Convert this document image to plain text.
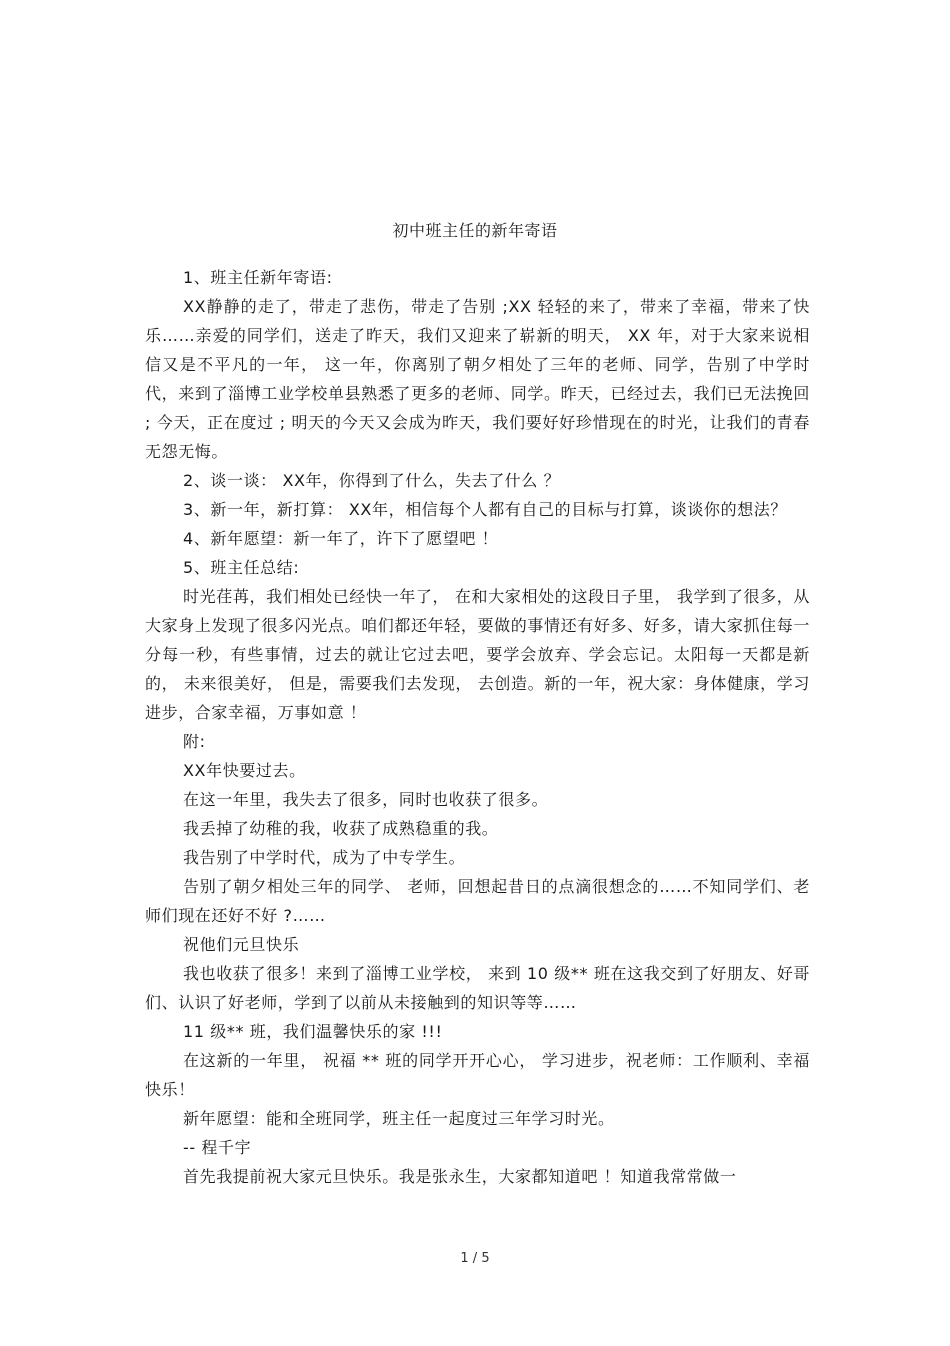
初中班主任的新年寄语

1、班主任新年寄语:

XX静静的走了，带走了悲伤，带走了告别 ;XX 轻轻的来了，带来了幸福，带来了快乐……亲爱的同学们，送走了昨天，我们又迎来了崭新的明天， XX 年，对于大家来说相信又是不平凡的一年， 这一年，你离别了朝夕相处了三年的老师、同学，告别了中学时代，来到了淄博工业学校单县熟悉了更多的老师、同学。昨天，已经过去，我们已无法挽回 ; 今天，正在度过 ; 明天的今天又会成为昨天，我们要好好珍惜现在的时光，让我们的青春无怨无悔。

2、谈一谈： XX年，你得到了什么，失去了什么 ？

3、新一年，新打算： XX年，相信每个人都有自己的目标与打算，谈谈你的想法？

4、新年愿望：新一年了，许下了愿望吧 ！

5、班主任总结:

时光荏苒，我们相处已经快一年了， 在和大家相处的这段日子里， 我学到了很多，从大家身上发现了很多闪光点。咱们都还年轻，要做的事情还有好多、好多，请大家抓住每一分每一秒，有些事情，过去的就让它过去吧，要学会放弃、学会忘记。太阳每一天都是新的， 未来很美好， 但是，需要我们去发现， 去创造。新的一年，祝大家：身体健康，学习进步，合家幸福，万事如意 ！

附:

XX年快要过去。

在这一年里，我失去了很多，同时也收获了很多。

我丢掉了幼稚的我，收获了成熟稳重的我。

我告别了中学时代，成为了中专学生。

告别了朝夕相处三年的同学、 老师，回想起昔日的点滴很想念的……不知同学们、老师们现在还好不好 ?……

祝他们元旦快乐

我也收获了很多！来到了淄博工业学校， 来到 10 级** 班在这我交到了好朋友、好哥们、认识了好老师，学到了以前从未接触到的知识等等……

11 级** 班，我们温馨快乐的家 !!!

在这新的一年里， 祝福 ** 班的同学开开心心， 学习进步，祝老师：工作顺利、幸福快乐！

新年愿望：能和全班同学，班主任一起度过三年学习时光。

-- 程千宇

首先我提前祝大家元旦快乐。我是张永生，大家都知道吧 ！知道我常常做一

1 / 5
